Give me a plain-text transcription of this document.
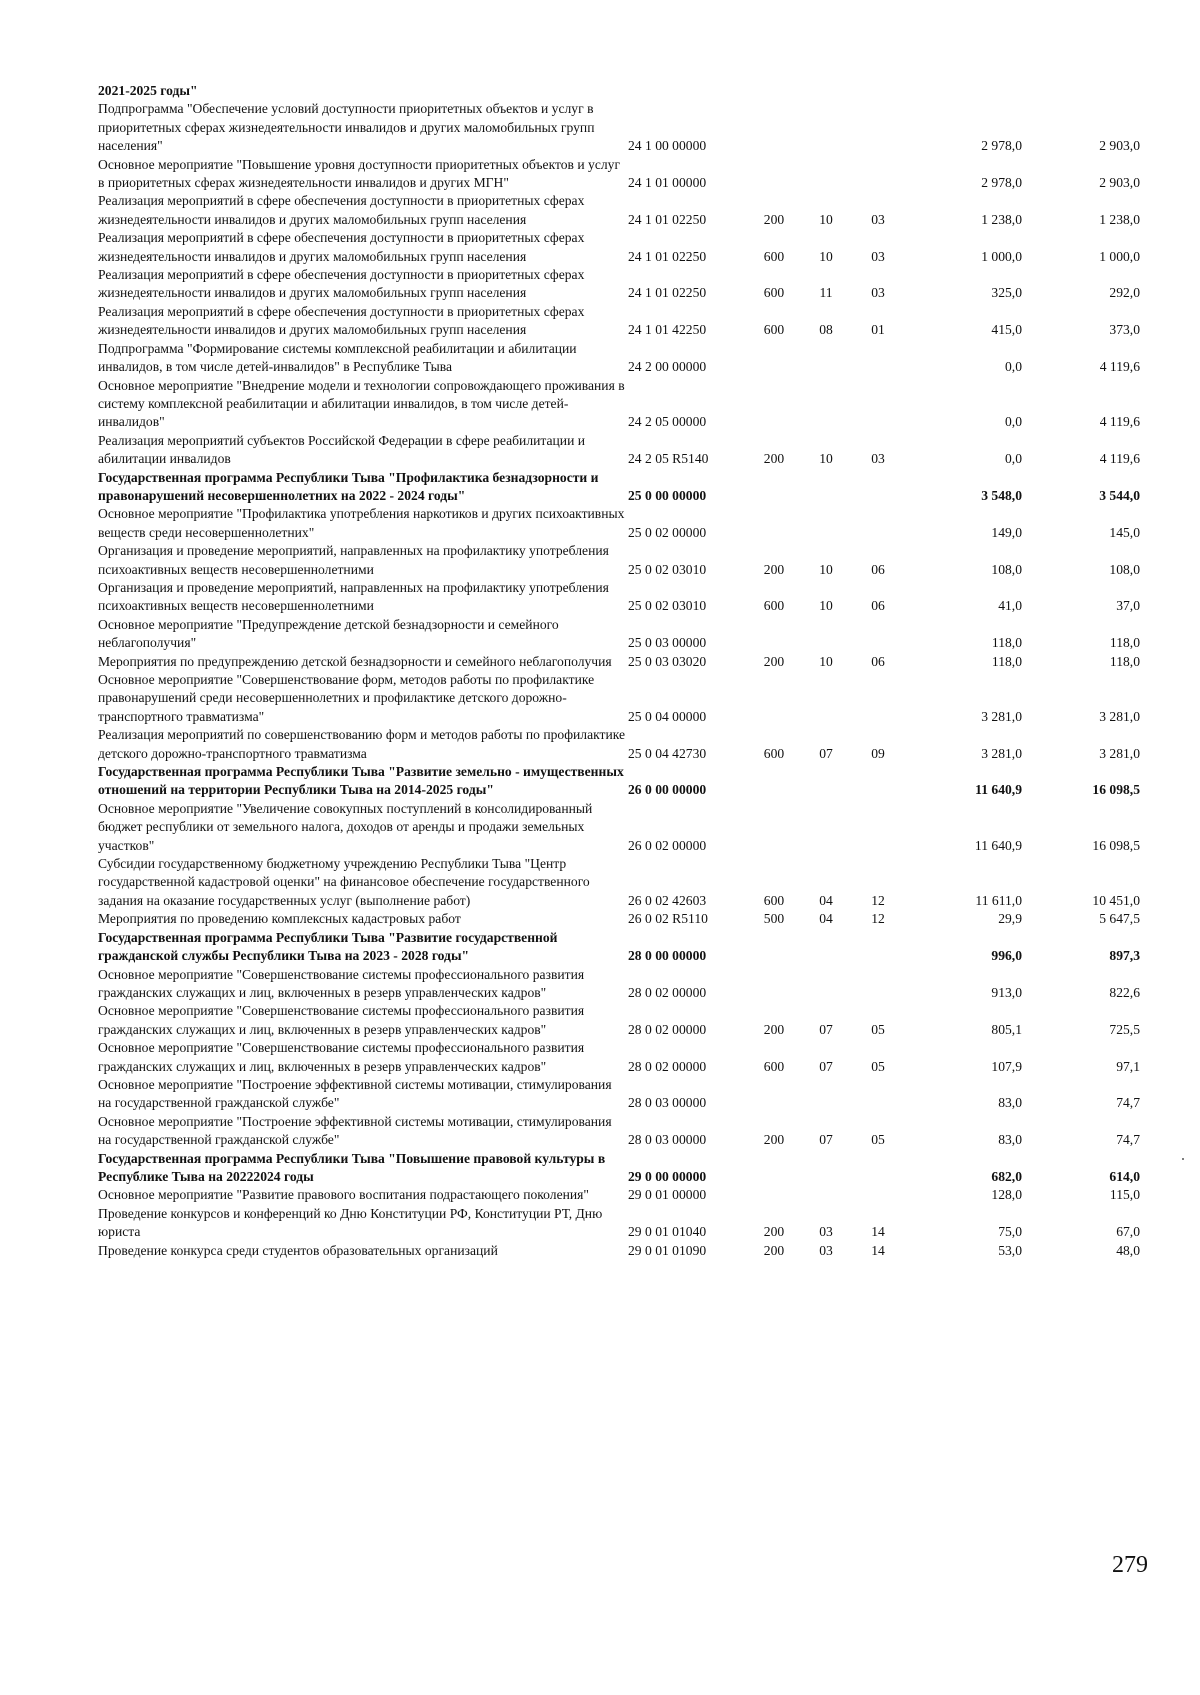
2021-2025 годы"						
Подпрограмма "Обеспечение условий доступности приоритетных объектов и услуг в приоритетных сферах жизнедеятельности инвалидов и других маломобильных групп населения"	24 1 00 00000				2 978,0	2 903,0
Основное мероприятие "Повышение уровня доступности приоритетных объектов и услуг в приоритетных сферах жизнедеятельности инвалидов и других МГН"	24 1 01 00000				2 978,0	2 903,0
Реализация мероприятий в сфере обеспечения доступности в приоритетных сферах жизнедеятельности инвалидов и других маломобильных групп населения	24 1 01 02250	200	10	03	1 238,0	1 238,0
Реализация мероприятий в сфере обеспечения доступности в приоритетных сферах жизнедеятельности инвалидов и других маломобильных групп населения	24 1 01 02250	600	10	03	1 000,0	1 000,0
Реализация мероприятий в сфере обеспечения доступности в приоритетных сферах жизнедеятельности инвалидов и других маломобильных групп населения	24 1 01 02250	600	11	03	325,0	292,0
Реализация мероприятий в сфере обеспечения доступности в приоритетных сферах жизнедеятельности инвалидов и других маломобильных групп населения	24 1 01 42250	600	08	01	415,0	373,0
Подпрограмма "Формирование системы комплексной реабилитации и абилитации инвалидов, в том числе детей-инвалидов" в Республике Тыва	24 2 00 00000				0,0	4 119,6
Основное мероприятие "Внедрение модели и технологии сопровождающего проживания в систему комплексной реабилитации и абилитации инвалидов, в том числе детей-инвалидов"	24 2 05 00000				0,0	4 119,6
Реализация мероприятий субъектов Российской Федерации в сфере реабилитации и абилитации инвалидов	24 2 05 R5140	200	10	03	0,0	4 119,6
Государственная программа Республики Тыва "Профилактика безнадзорности и правонарушений несовершеннолетних на 2022 - 2024 годы"	25 0 00 00000				3 548,0	3 544,0
Основное мероприятие "Профилактика употребления наркотиков и других психоактивных веществ среди несовершеннолетних"	25 0 02 00000				149,0	145,0
Организация и проведение мероприятий, направленных на профилактику употребления психоактивных веществ несовершеннолетними	25 0 02 03010	200	10	06	108,0	108,0
Организация и проведение мероприятий, направленных на профилактику употребления психоактивных веществ несовершеннолетними	25 0 02 03010	600	10	06	41,0	37,0
Основное мероприятие "Предупреждение детской безнадзорности и семейного неблагополучия"	25 0 03 00000				118,0	118,0
Мероприятия по предупреждению детской безнадзорности и семейного неблагополучия	25 0 03 03020	200	10	06	118,0	118,0
Основное мероприятие "Совершенствование форм, методов работы по профилактике правонарушений среди несовершеннолетних и профилактике детского дорожно-транспортного травматизма"	25 0 04 00000				3 281,0	3 281,0
Реализация мероприятий по совершенствованию форм и методов работы по профилактике детского дорожно-транспортного травматизма	25 0 04 42730	600	07	09	3 281,0	3 281,0
Государственная программа Республики Тыва "Развитие земельно - имущественных отношений на территории Республики Тыва на 2014-2025 годы"	26 0 00 00000				11 640,9	16 098,5
Основное мероприятие "Увеличение совокупных поступлений в консолидированный бюджет республики от земельного налога, доходов от аренды и продажи земельных участков"	26 0 02 00000				11 640,9	16 098,5
Субсидии государственному бюджетному учреждению Республики Тыва "Центр государственной кадастровой оценки" на финансовое обеспечение государственного задания на оказание государственных услуг (выполнение работ)	26 0 02 42603	600	04	12	11 611,0	10 451,0
Мероприятия по проведению комплексных кадастровых работ	26 0 02 R5110	500	04	12	29,9	5 647,5
Государственная программа Республики Тыва "Развитие государственной гражданской службы Республики Тыва на 2023 - 2028 годы"	28 0 00 00000				996,0	897,3
Основное мероприятие "Совершенствование системы профессионального развития гражданских служащих и лиц, включенных в резерв управленческих кадров"	28 0 02 00000				913,0	822,6
Основное мероприятие "Совершенствование системы профессионального развития гражданских служащих и лиц, включенных в резерв управленческих кадров"	28 0 02 00000	200	07	05	805,1	725,5
Основное мероприятие "Совершенствование системы профессионального развития гражданских служащих и лиц, включенных в резерв управленческих кадров"	28 0 02 00000	600	07	05	107,9	97,1
Основное мероприятие "Построение эффективной системы мотивации, стимулирования на государственной гражданской службе"	28 0 03 00000				83,0	74,7
Основное мероприятие "Построение эффективной системы мотивации, стимулирования на государственной гражданской службе"	28 0 03 00000	200	07	05	83,0	74,7
Государственная программа Республики Тыва "Повышение правовой культуры в Республике Тыва на 20222024 годы	29 0 00 00000				682,0	614,0
Основное мероприятие "Развитие правового воспитания подрастающего поколения"	29 0 01 00000				128,0	115,0
Проведение конкурсов и конференций ко Дню Конституции РФ, Конституции РТ, Дню юриста	29 0 01 01040	200	03	14	75,0	67,0
Проведение конкурса среди студентов образовательных организаций	29 0 01 01090	200	03	14	53,0	48,0
279
